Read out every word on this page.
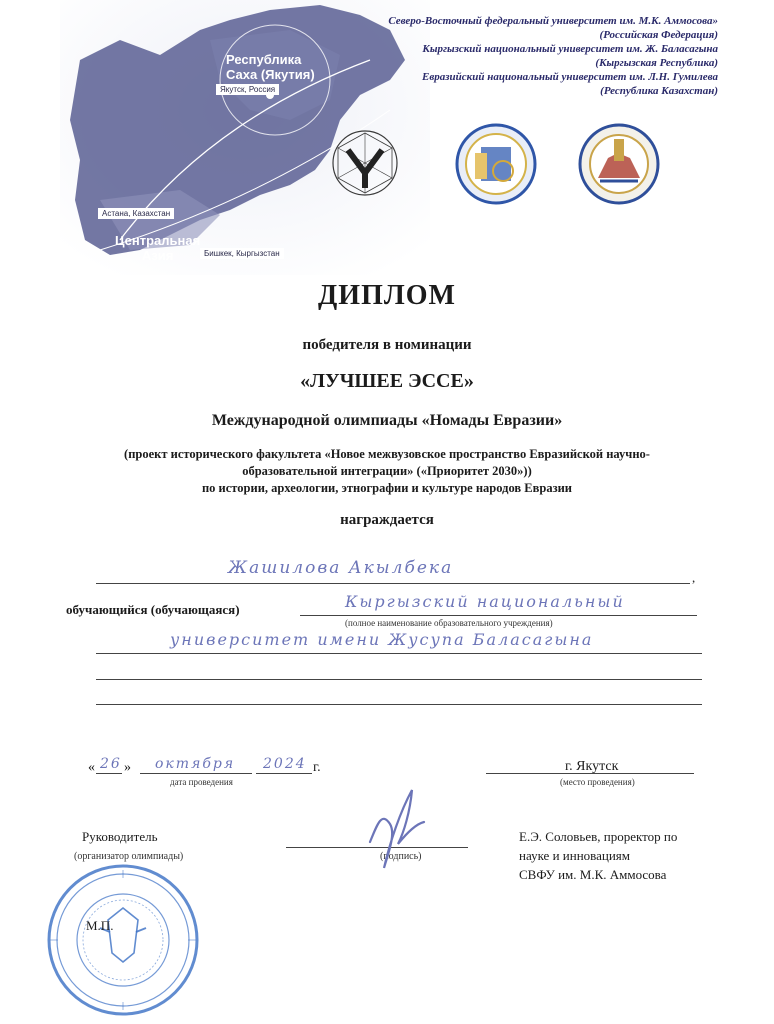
Республика
Саха (Якутия)
Якутск, Россия
Центральная
Азия
Астана, Казахстан
Бишкек, Кыргызстан
Северо-Восточный федеральный университет им. М.К. Аммосова»
(Российская Федерация)
Кыргызский национальный университет им. Ж. Баласагына
(Кыргызская Республика)
Евразийский национальный университет им. Л.Н. Гумилева
(Республика Казахстан)
ДИПЛОМ
победителя в номинации
«ЛУЧШЕЕ ЭССЕ»
Международной олимпиады «Номады Евразии»
(проект исторического факультета «Новое межвузовское пространство Евразийской научно-
образовательной интеграции» («Приоритет 2030»))
по истории, археологии, этнографии и культуре народов Евразии
награждается
Жашилова Акылбека	,
обучающийся (обучающаяся)	Кыргызский национальный
(полное наименование образовательного учреждения)
университет имени Жусупа Баласагына
« 26 » октября 2024 г.
дата проведения
г. Якутск
(место проведения)
Руководитель
(организатор олимпиады)	(подпись)
Е.Э. Соловьев, проректор по
науке и инновациям
СВФУ им. М.К. Аммосова
М.П.
